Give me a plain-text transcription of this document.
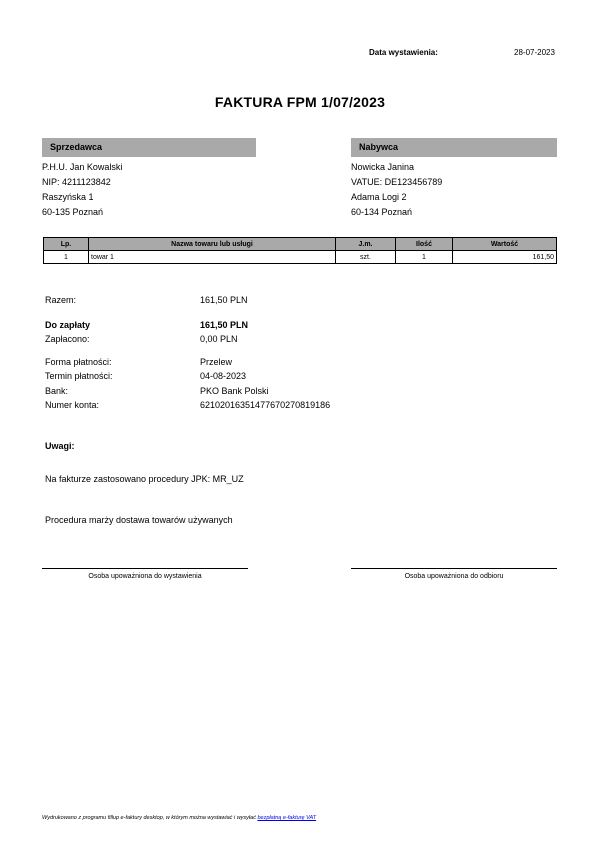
Data wystawienia:	28-07-2023
FAKTURA FPM 1/07/2023
Sprzedawca	Nabywca
P.H.U. Jan Kowalski
NIP: 4211123842
Raszyńska 1
60-135 Poznań
Nowicka Janina
VATUE: DE123456789
Adama Logi 2
60-134 Poznań
Lp.	Nazwa towaru lub usługi	J.m.	Ilość	Wartość
1	towar 1	szt.	1	161,50
Razem:	161,50 PLN
Do zapłaty	161,50 PLN
Zapłacono:	0,00 PLN
Forma płatności:	Przelew
Termin płatności:	04-08-2023
Bank:	PKO Bank Polski
Numer konta:	62102016351477670270819186
Uwagi:
Na fakturze zastosowano procedury JPK: MR_UZ
Procedura marży dostawa towarów używanych
Osoba upoważniona do wystawienia	Osoba upoważniona do odbioru
Wydrukowano z programu fillup e-faktury desktop, w którym można wystawiać i wysyłać bezpłatną e-fakturę VAT
